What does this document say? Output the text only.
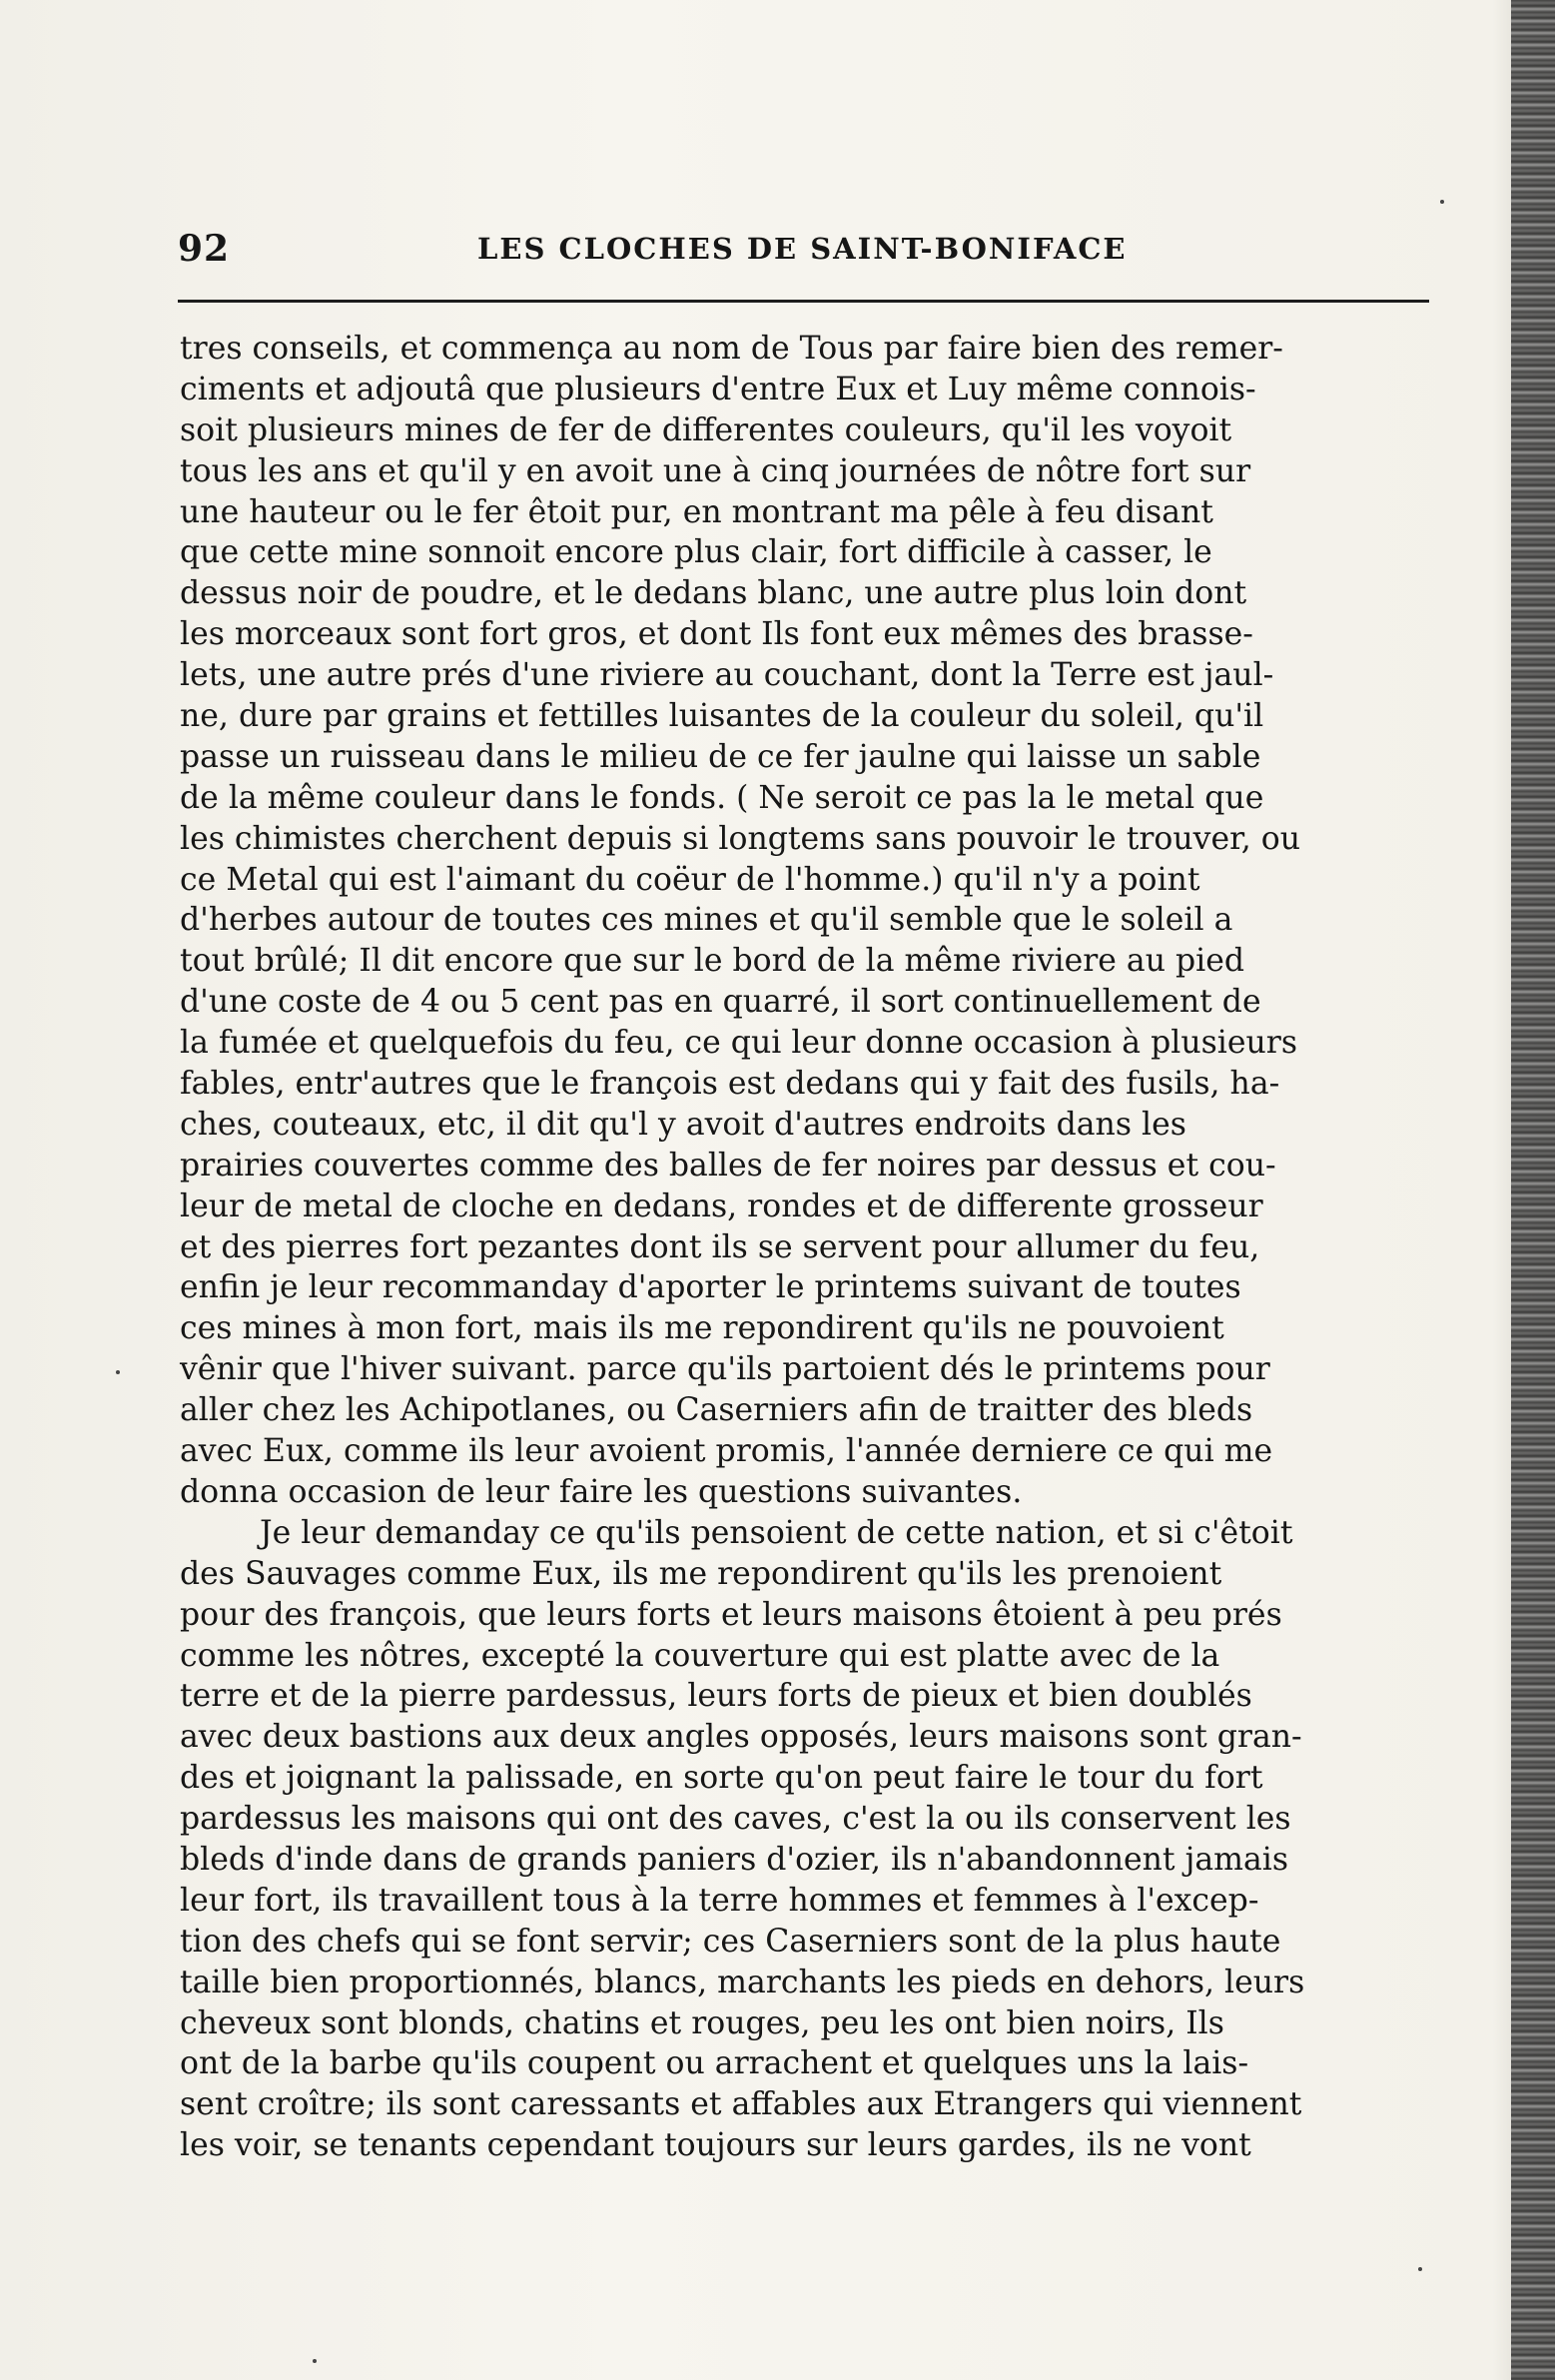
92	LES CLOCHES DE SAINT-BONIFACE
tres conseils, et commença au nom de Tous par faire bien des remer-
ciments et adjoutâ que plusieurs d'entre Eux et Luy même connois-
soit plusieurs mines de fer de differentes couleurs, qu'il les voyoit
tous les ans et qu'il y en avoit une à cinq journées de nôtre fort sur
une hauteur ou le fer êtoit pur, en montrant ma pêle à feu disant
que cette mine sonnoit encore plus clair, fort difficile à casser, le
dessus noir de poudre, et le dedans blanc, une autre plus loin dont
les morceaux sont fort gros, et dont Ils font eux mêmes des brasse-
lets, une autre prés d'une riviere au couchant, dont la Terre est jaul-
ne, dure par grains et fettilles luisantes de la couleur du soleil, qu'il
passe un ruisseau dans le milieu de ce fer jaulne qui laisse un sable
de la même couleur dans le fonds. ( Ne seroit ce pas la le metal que
les chimistes cherchent depuis si longtems sans pouvoir le trouver, ou
ce Metal qui est l'aimant du coëur de l'homme.) qu'il n'y a point
d'herbes autour de toutes ces mines et qu'il semble que le soleil a
tout brûlé; Il dit encore que sur le bord de la même riviere au pied
d'une coste de 4 ou 5 cent pas en quarré, il sort continuellement de
la fumée et quelquefois du feu, ce qui leur donne occasion à plusieurs
fables, entr'autres que le françois est dedans qui y fait des fusils, ha-
ches, couteaux, etc, il dit qu'l y avoit d'autres endroits dans les
prairies couvertes comme des balles de fer noires par dessus et cou-
leur de metal de cloche en dedans, rondes et de differente grosseur
et des pierres fort pezantes dont ils se servent pour allumer du feu,
enfin je leur recommanday d'aporter le printems suivant de toutes
ces mines à mon fort, mais ils me repondirent qu'ils ne pouvoient
vênir que l'hiver suivant. parce qu'ils partoient dés le printems pour
aller chez les Achipotlanes, ou Caserniers afin de traitter des bleds
avec Eux, comme ils leur avoient promis, l'année derniere ce qui me
donna occasion de leur faire les questions suivantes.
Je leur demanday ce qu'ils pensoient de cette nation, et si c'êtoit
des Sauvages comme Eux, ils me repondirent qu'ils les prenoient
pour des françois, que leurs forts et leurs maisons êtoient à peu prés
comme les nôtres, excepté la couverture qui est platte avec de la
terre et de la pierre pardessus, leurs forts de pieux et bien doublés
avec deux bastions aux deux angles opposés, leurs maisons sont gran-
des et joignant la palissade, en sorte qu'on peut faire le tour du fort
pardessus les maisons qui ont des caves, c'est la ou ils conservent les
bleds d'inde dans de grands paniers d'ozier, ils n'abandonnent jamais
leur fort, ils travaillent tous à la terre hommes et femmes à l'excep-
tion des chefs qui se font servir; ces Caserniers sont de la plus haute
taille bien proportionnés, blancs, marchants les pieds en dehors, leurs
cheveux sont blonds, chatins et rouges, peu les ont bien noirs, Ils
ont de la barbe qu'ils coupent ou arrachent et quelques uns la lais-
sent croître; ils sont caressants et affables aux Etrangers qui viennent
les voir, se tenants cependant toujours sur leurs gardes, ils ne vont
